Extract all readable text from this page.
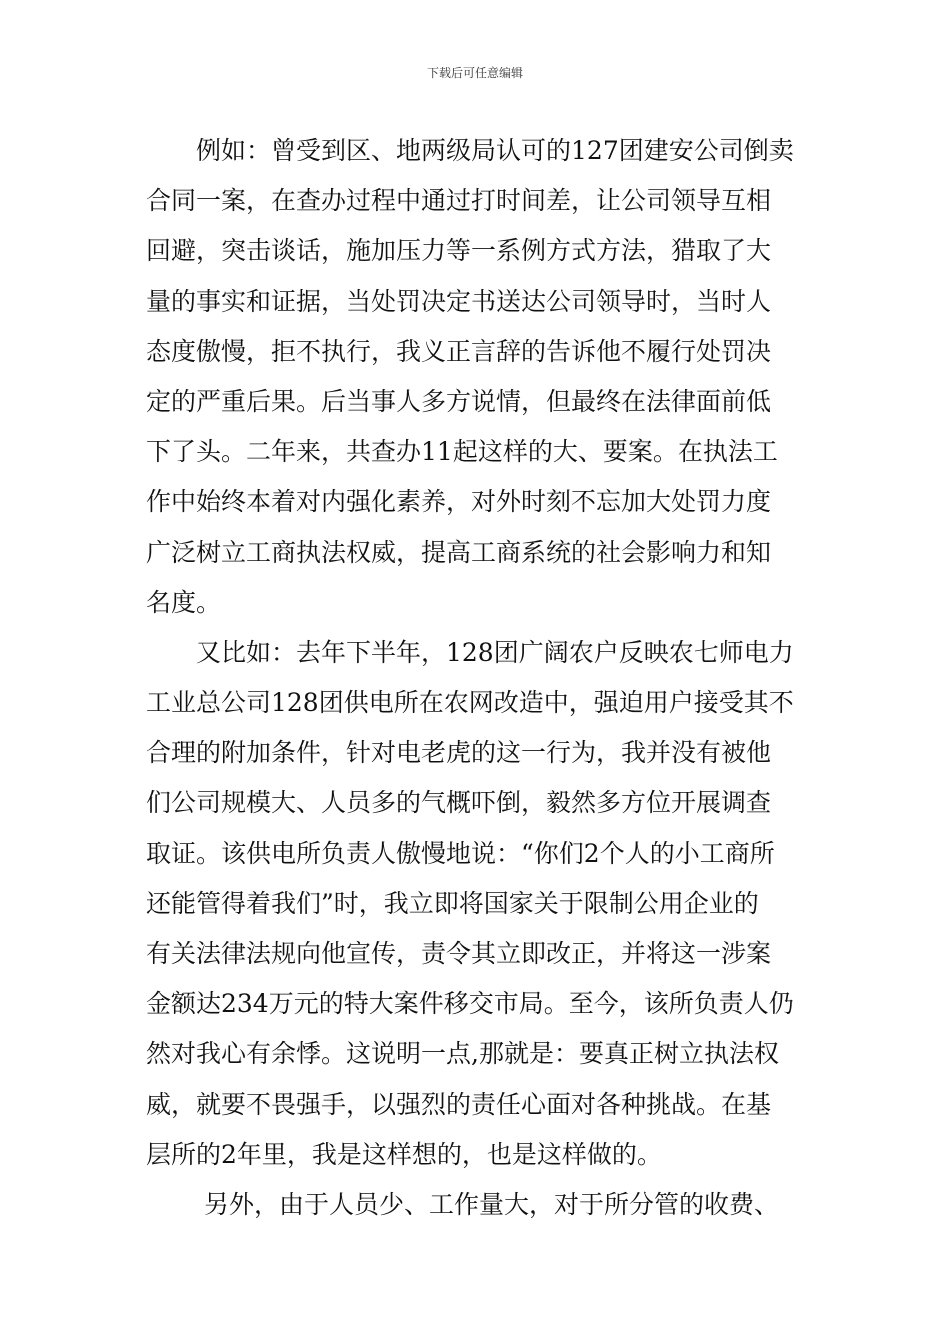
下载后可任意编辑
例如：曾受到区、地两级局认可的127团建安公司倒卖
合同一案，在查办过程中通过打时间差，让公司领导互相
回避，突击谈话，施加压力等一系例方式方法，猎取了大
量的事实和证据，当处罚决定书送达公司领导时，当时人
态度傲慢，拒不执行，我义正言辞的告诉他不履行处罚决
定的严重后果。后当事人多方说情，但最终在法律面前低
下了头。二年来，共查办11起这样的大、要案。在执法工
作中始终本着对内强化素养，对外时刻不忘加大处罚力度
广泛树立工商执法权威，提高工商系统的社会影响力和知
名度。
又比如：去年下半年，128团广阔农户反映农七师电力
工业总公司128团供电所在农网改造中，强迫用户接受其不
合理的附加条件，针对电老虎的这一行为，我并没有被他
们公司规模大、人员多的气概吓倒，毅然多方位开展调查
取证。该供电所负责人傲慢地说：“你们2个人的小工商所
还能管得着我们”时，我立即将国家关于限制公用企业的
有关法律法规向他宣传，责令其立即改正，并将这一涉案
金额达234万元的特大案件移交市局。至今，该所负责人仍
然对我心有余悸。这说明一点,那就是：要真正树立执法权
威，就要不畏强手，以强烈的责任心面对各种挑战。在基
层所的2年里，我是这样想的，也是这样做的。
另外，由于人员少、工作量大，对于所分管的收费、
